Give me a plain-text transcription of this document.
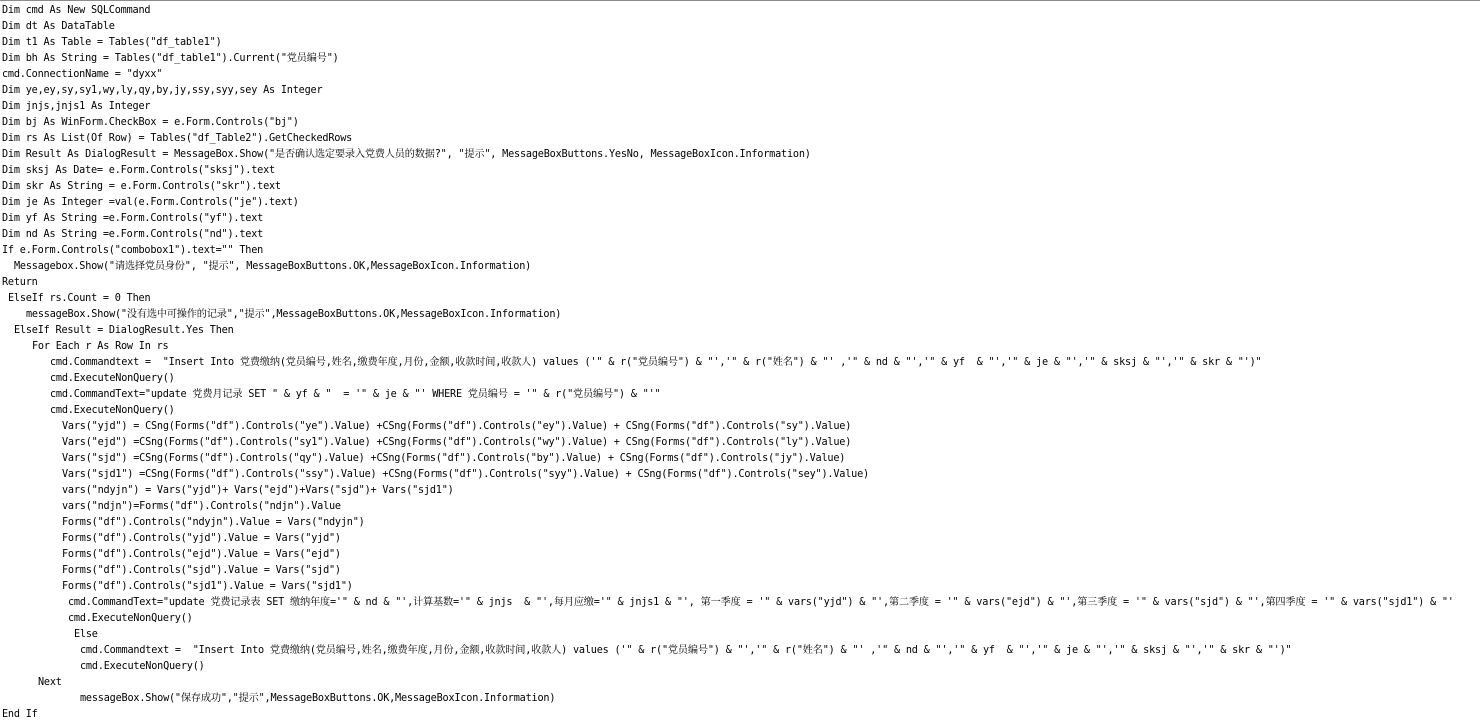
Dim cmd As New SQLCommand
Dim dt As DataTable
Dim t1 As Table = Tables("df_table1")
Dim bh As String = Tables("df_table1").Current("党员编号")
cmd.ConnectionName = "dyxx"
Dim ye,ey,sy,sy1,wy,ly,qy,by,jy,ssy,syy,sey As Integer
Dim jnjs,jnjs1 As Integer
Dim bj As WinForm.CheckBox = e.Form.Controls("bj")
Dim rs As List(Of Row) = Tables("df_Table2").GetCheckedRows
Dim Result As DialogResult = MessageBox.Show("是否确认选定要录入党费人员的数据?", "提示", MessageBoxButtons.YesNo, MessageBoxIcon.Information)
Dim sksj As Date= e.Form.Controls("sksj").text
Dim skr As String = e.Form.Controls("skr").text
Dim je As Integer =val(e.Form.Controls("je").text)
Dim yf As String =e.Form.Controls("yf").text
Dim nd As String =e.Form.Controls("nd").text
If e.Form.Controls("combobox1").text="" Then
Messagebox.Show("请选择党员身份", "提示", MessageBoxButtons.OK,MessageBoxIcon.Information)
Return
ElseIf rs.Count = 0 Then
messageBox.Show("没有选中可操作的记录","提示",MessageBoxButtons.OK,MessageBoxIcon.Information)
ElseIf Result = DialogResult.Yes Then
For Each r As Row In rs
cmd.Commandtext =  "Insert Into 党费缴纳(党员编号,姓名,缴费年度,月份,金额,收款时间,收款人) values ('" & r("党员编号") & "','" & r("姓名") & "' ,'" & nd & "','" & yf  & "','" & je & "','" & sksj & "','" & skr & "')"
cmd.ExecuteNonQuery()
cmd.CommandText="update 党费月记录 SET " & yf & "  = '" & je & "' WHERE 党员编号 = '" & r("党员编号") & "'"
cmd.ExecuteNonQuery()
Vars("yjd") = CSng(Forms("df").Controls("ye").Value) +CSng(Forms("df").Controls("ey").Value) + CSng(Forms("df").Controls("sy").Value)
Vars("ejd") =CSng(Forms("df").Controls("sy1").Value) +CSng(Forms("df").Controls("wy").Value) + CSng(Forms("df").Controls("ly").Value)
Vars("sjd") =CSng(Forms("df").Controls("qy").Value) +CSng(Forms("df").Controls("by").Value) + CSng(Forms("df").Controls("jy").Value)
Vars("sjd1") =CSng(Forms("df").Controls("ssy").Value) +CSng(Forms("df").Controls("syy").Value) + CSng(Forms("df").Controls("sey").Value)
vars("ndyjn") = Vars("yjd")+ Vars("ejd")+Vars("sjd")+ Vars("sjd1")
vars("ndjn")=Forms("df").Controls("ndjn").Value
Forms("df").Controls("ndyjn").Value = Vars("ndyjn")
Forms("df").Controls("yjd").Value = Vars("yjd")
Forms("df").Controls("ejd").Value = Vars("ejd")
Forms("df").Controls("sjd").Value = Vars("sjd")
Forms("df").Controls("sjd1").Value = Vars("sjd1")
cmd.CommandText="update 党费记录表 SET 缴纳年度='" & nd & "',计算基数='" & jnjs  & "',每月应缴='" & jnjs1 & "', 第一季度 = '" & vars("yjd") & "',第二季度 = '" & vars("ejd") & "',第三季度 = '" & vars("sjd") & "',第四季度 = '" & vars("sjd1") & "'
cmd.ExecuteNonQuery()
Else
cmd.Commandtext =  "Insert Into 党费缴纳(党员编号,姓名,缴费年度,月份,金额,收款时间,收款人) values ('" & r("党员编号") & "','" & r("姓名") & "' ,'" & nd & "','" & yf  & "','" & je & "','" & sksj & "','" & skr & "')"
cmd.ExecuteNonQuery()
Next
messageBox.Show("保存成功","提示",MessageBoxButtons.OK,MessageBoxIcon.Information)
End If
